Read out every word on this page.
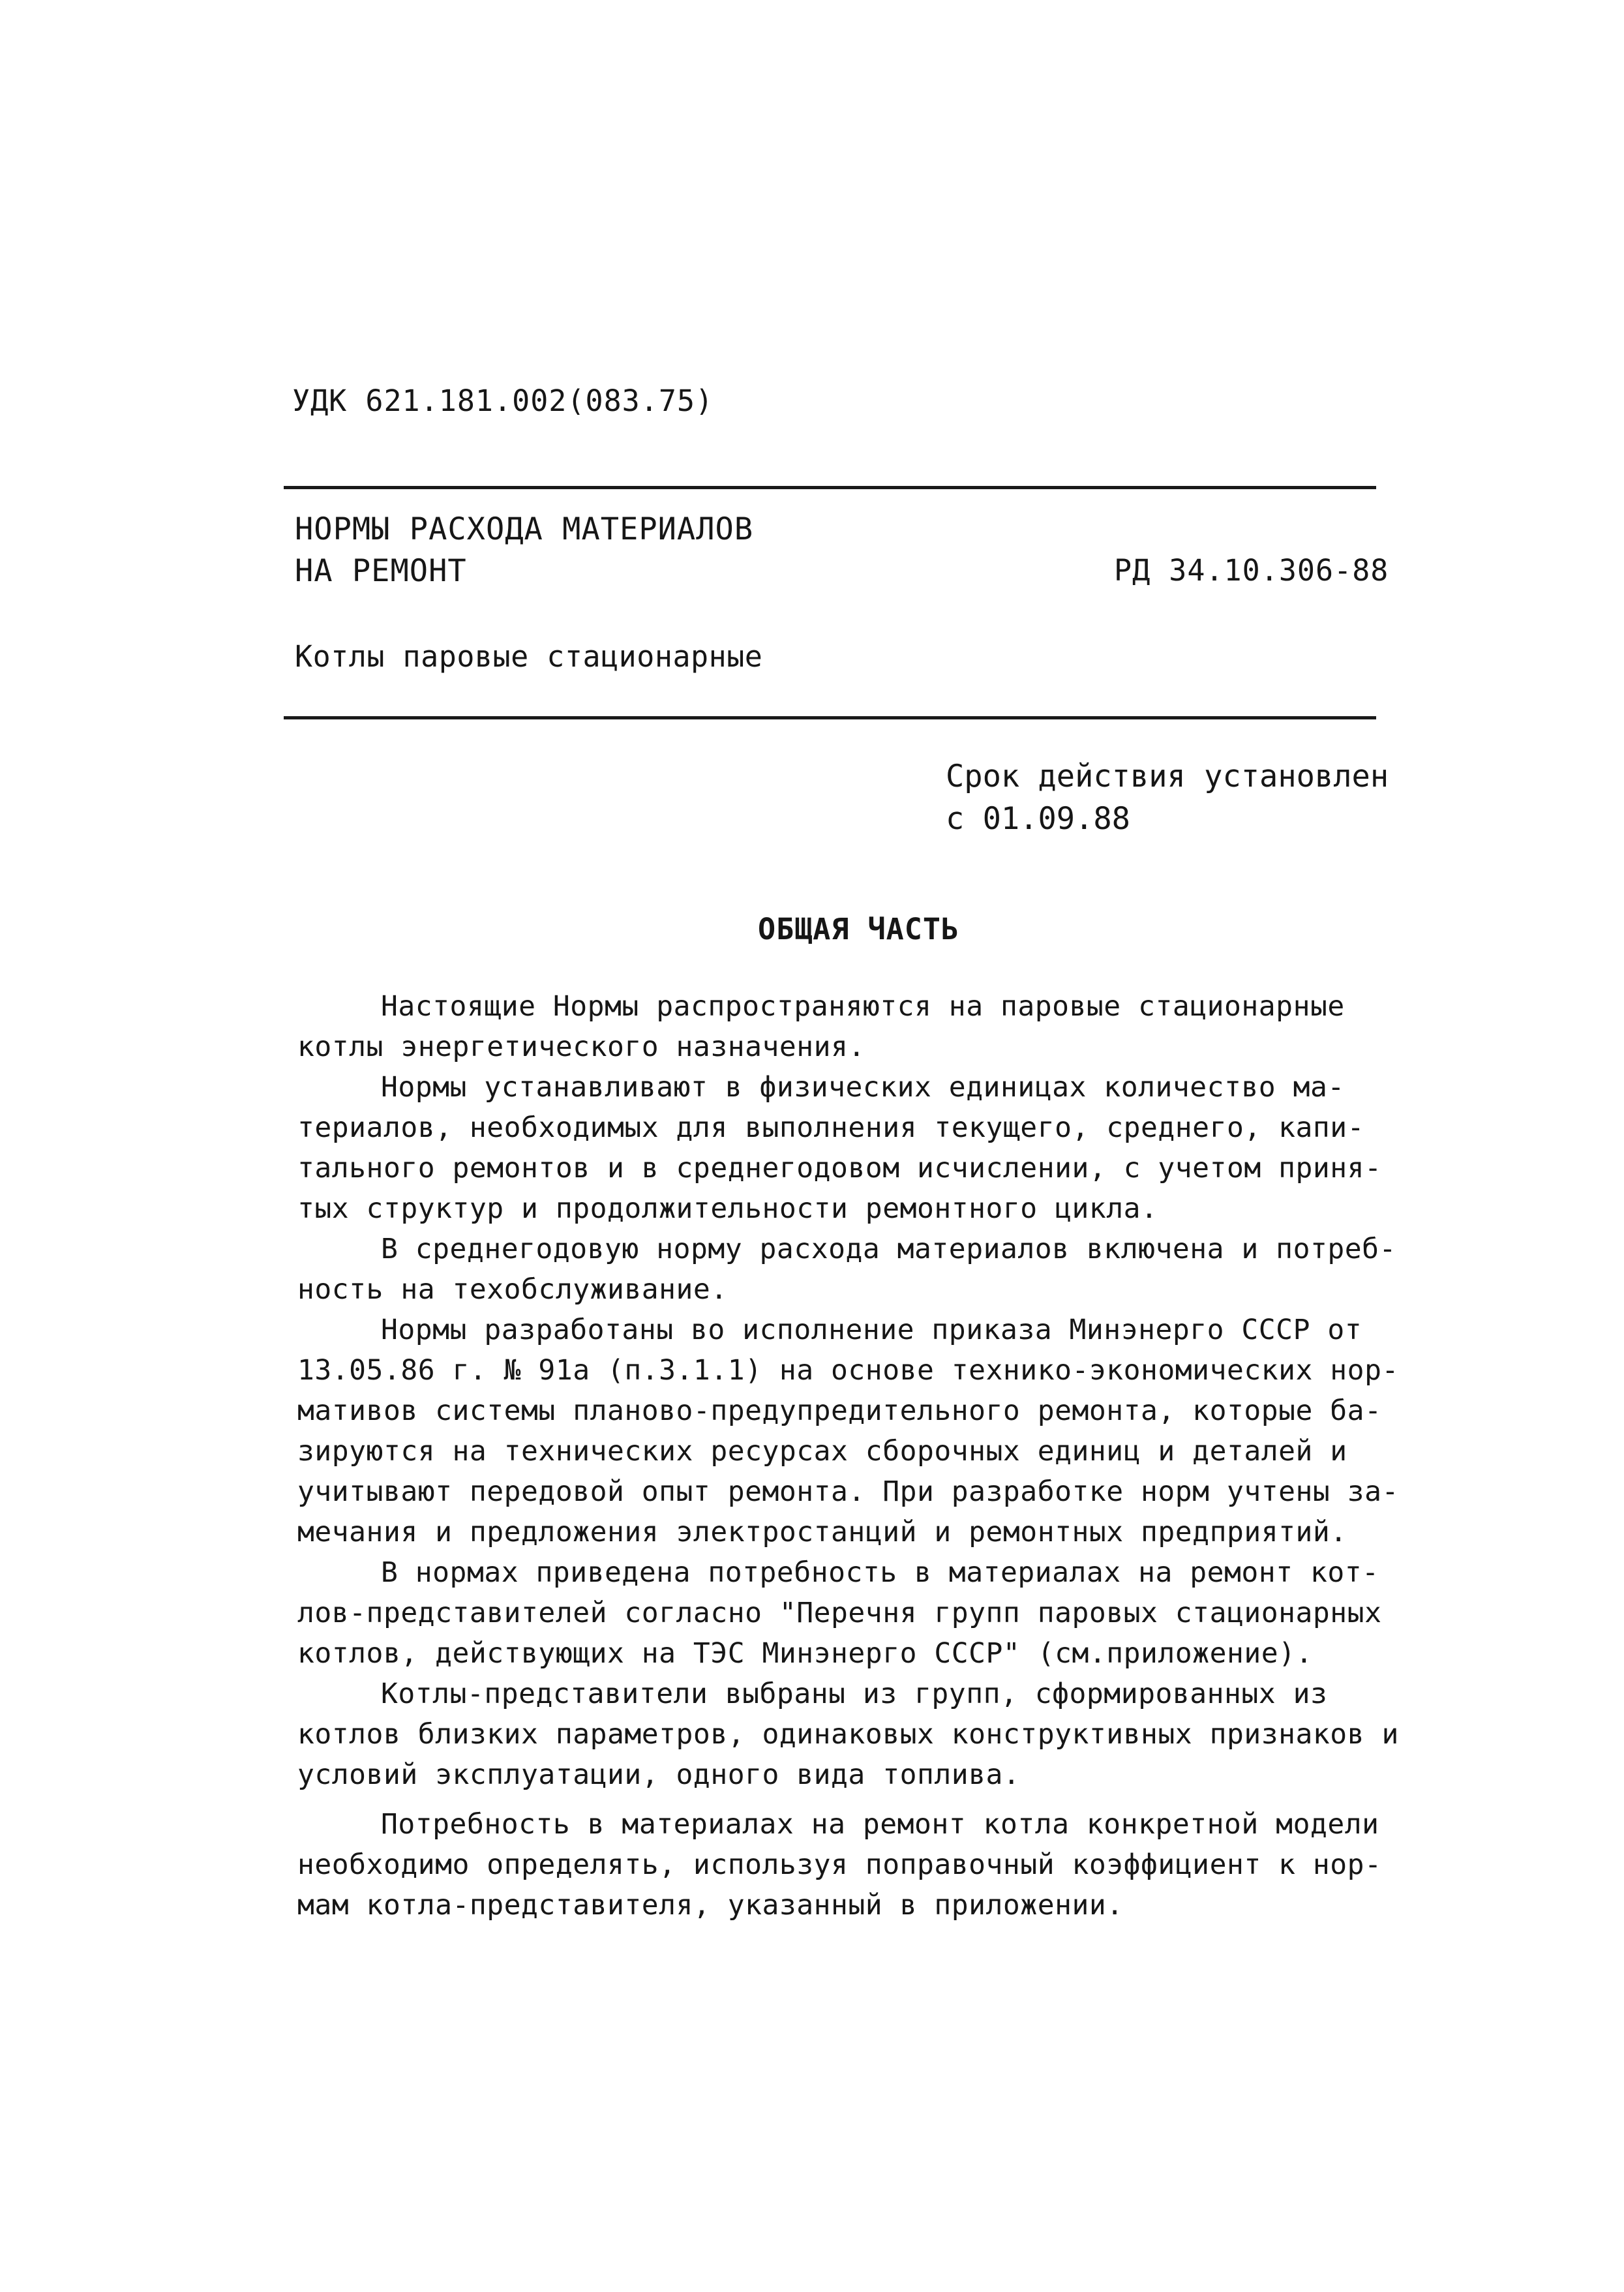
УДК 621.181.002(083.75)
НОРМЫ РАСХОДА МАТЕРИАЛОВ
НА РЕМОНТ	РД 34.10.306-88
Котлы паровые стационарные
Срок действия установлен
с 01.09.88
ОБЩАЯ ЧАСТЬ
Настоящие Нормы распространяются на паровые стационарные
котлы энергетического назначения.
Нормы устанавливают в физических единицах количество ма-
териалов, необходимых для выполнения текущего, среднего, капи-
тального ремонтов и в среднегодовом исчислении, с учетом приня-
тых структур и продолжительности ремонтного цикла.
В среднегодовую норму расхода материалов включена и потреб-
ность на техобслуживание.
Нормы разработаны во исполнение приказа Минэнерго СССР от
13.05.86 г. № 91а (п.3.1.1) на основе технико-экономических нор-
мативов системы планово-предупредительного ремонта, которые ба-
зируются на технических ресурсах сборочных единиц и деталей и
учитывают передовой опыт ремонта. При разработке норм учтены за-
мечания и предложения электростанций и ремонтных предприятий.
В нормах приведена потребность в материалах на ремонт кот-
лов-представителей согласно "Перечня групп паровых стационарных
котлов, действующих на ТЭС Минэнерго СССР" (см.приложение).
Котлы-представители выбраны из групп, сформированных из
котлов близких параметров, одинаковых конструктивных признаков и
условий эксплуатации, одного вида топлива.
Потребность в материалах на ремонт котла конкретной модели
необходимо определять, используя поправочный коэффициент к нор-
мам котла-представителя, указанный в приложении.
